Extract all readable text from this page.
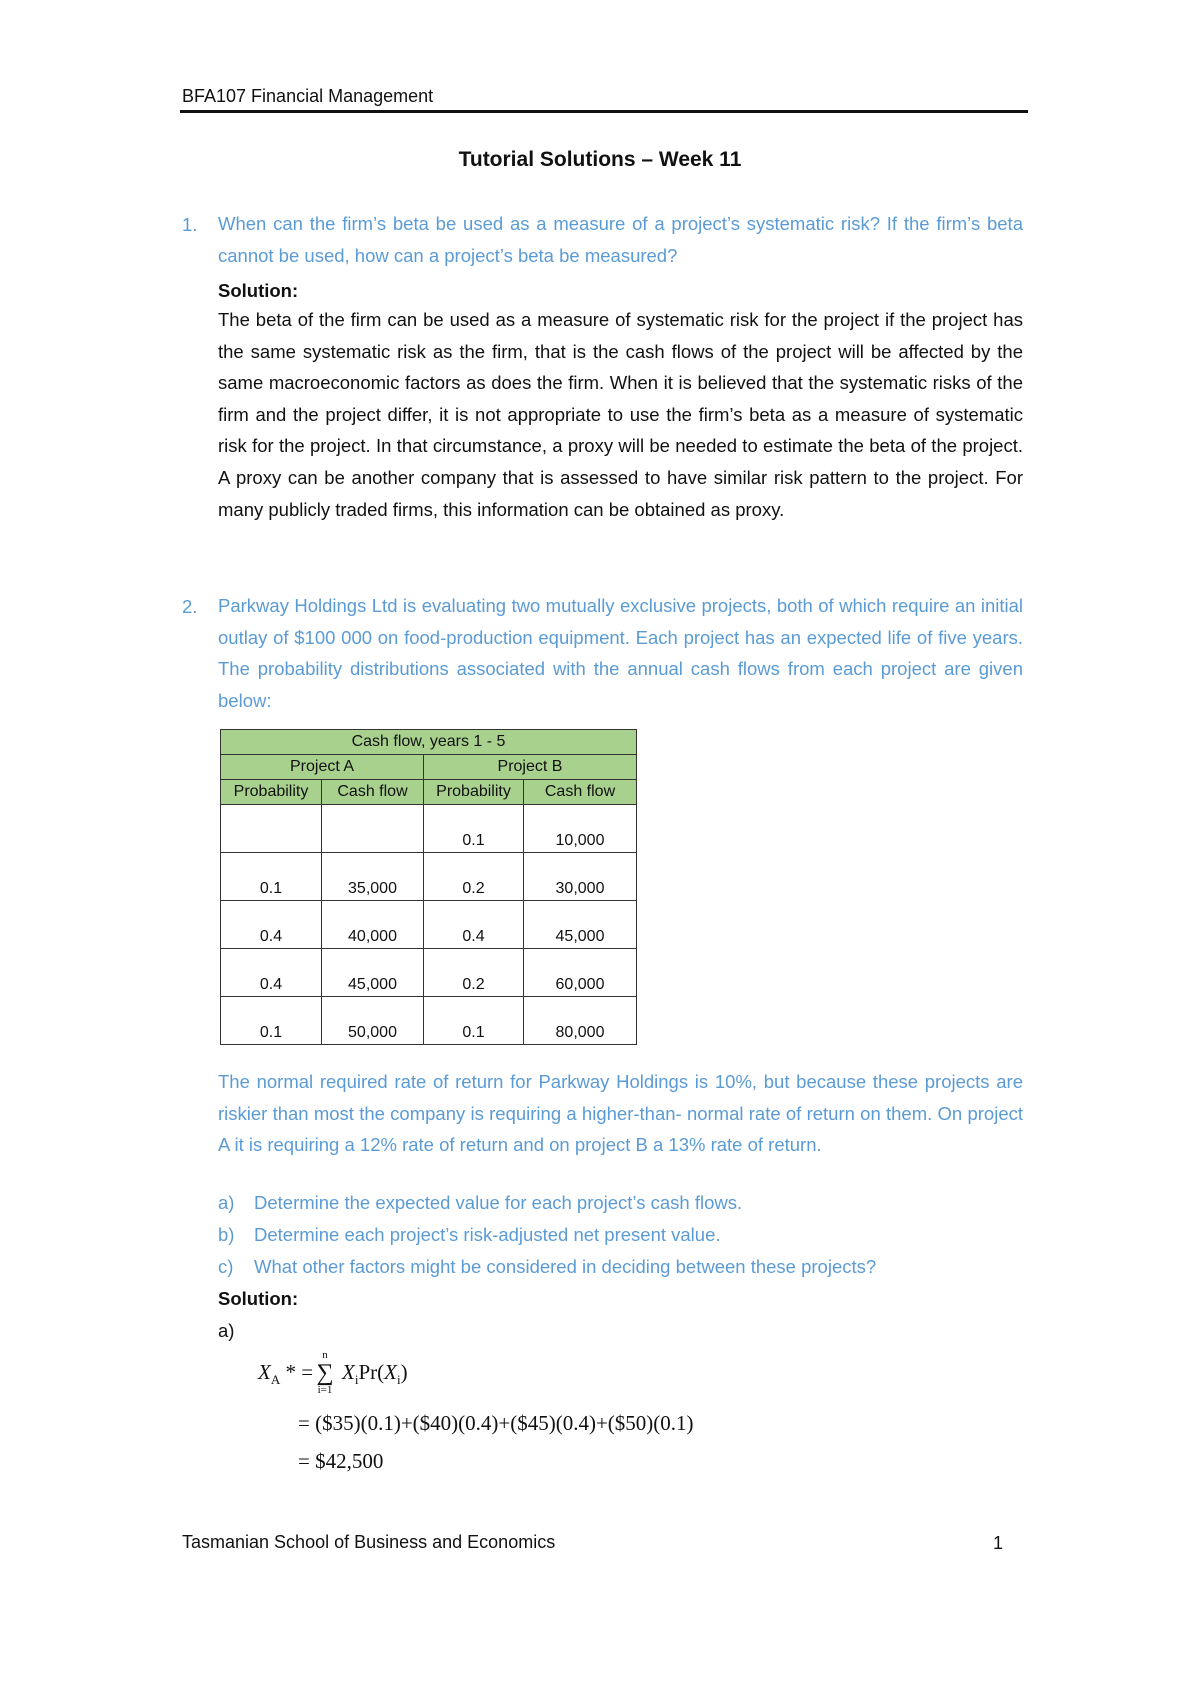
BFA107 Financial Management
Tutorial Solutions – Week 11
1. When can the firm’s beta be used as a measure of a project’s systematic risk? If the firm’s beta cannot be used, how can a project’s beta be measured?
Solution:
The beta of the firm can be used as a measure of systematic risk for the project if the project has the same systematic risk as the firm, that is the cash flows of the project will be affected by the same macroeconomic factors as does the firm. When it is believed that the systematic risks of the firm and the project differ, it is not appropriate to use the firm’s beta as a measure of systematic risk for the project. In that circumstance, a proxy will be needed to estimate the beta of the project. A proxy can be another company that is assessed to have similar risk pattern to the project. For many publicly traded firms, this information can be obtained as proxy.
2. Parkway Holdings Ltd is evaluating two mutually exclusive projects, both of which require an initial outlay of $100 000 on food-production equipment. Each project has an expected life of five years. The probability distributions associated with the annual cash flows from each project are given below:
Cash flow, years 1 - 5			
Project A		Project B	
Probability	Cash flow	Probability	Cash flow
		0.1	10,000
0.1	35,000	0.2	30,000
0.4	40,000	0.4	45,000
0.4	45,000	0.2	60,000
0.1	50,000	0.1	80,000
The normal required rate of return for Parkway Holdings is 10%, but because these projects are riskier than most the company is requiring a higher-than- normal rate of return on them. On project A it is requiring a 12% rate of return and on project B a 13% rate of return.
a) Determine the expected value for each project’s cash flows.
b) Determine each project’s risk-adjusted net present value.
c) What other factors might be considered in deciding between these projects?
Solution:
a)
$X_A$ * =
n
∑
i=1
$X_iPr(X_i)$
= ($35)(0.1)+($40)(0.4)+($45)(0.4)+($50)(0.1)
= $42,500
Tasmanian School of Business and Economics	1
